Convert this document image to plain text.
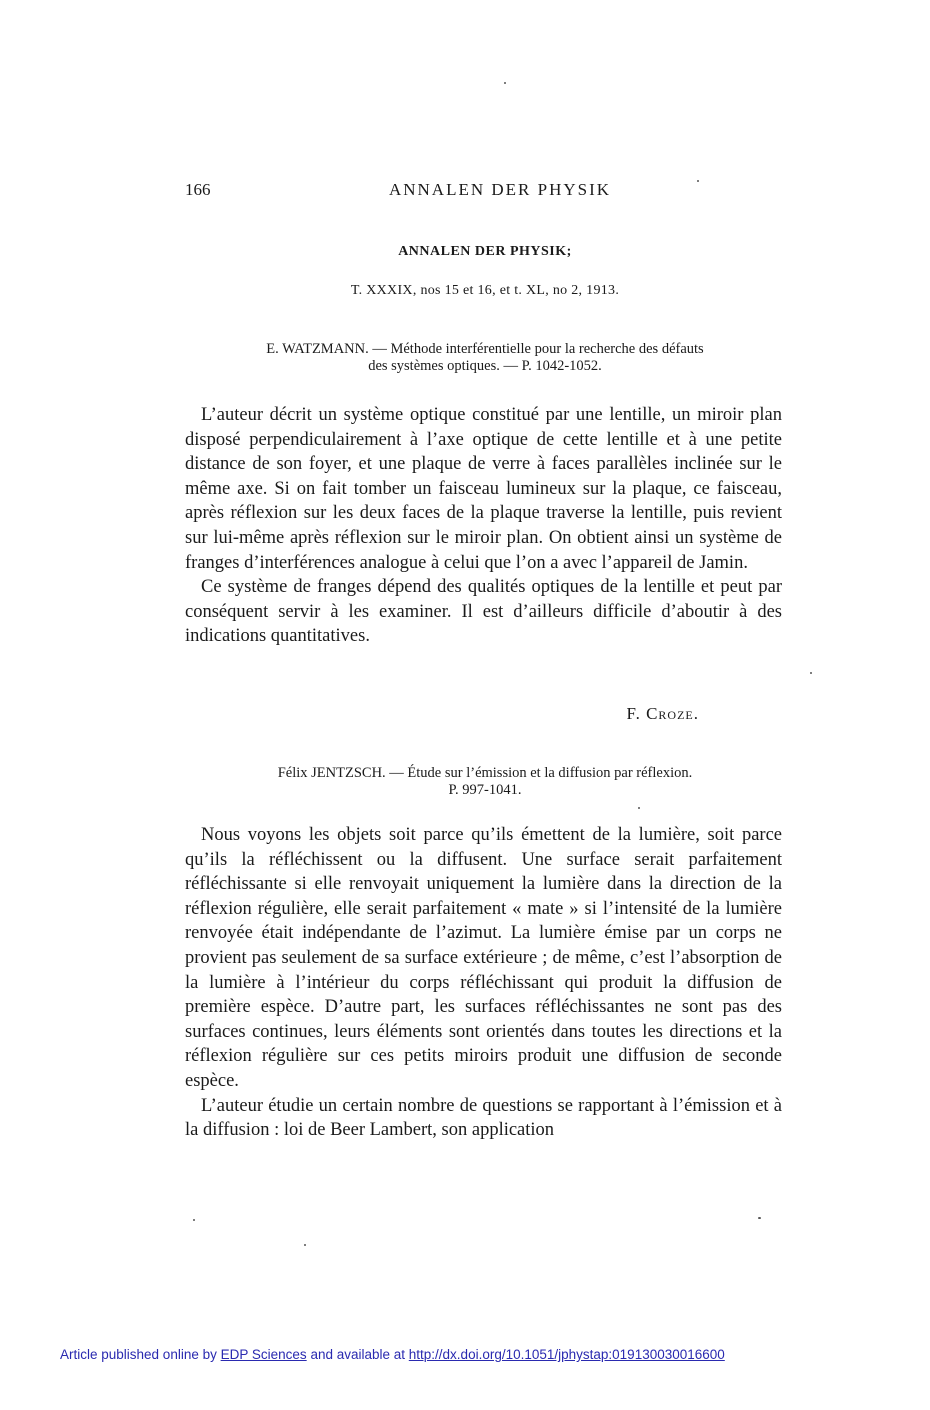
166	ANNALEN DER PHYSIK
ANNALEN DER PHYSIK;
T. XXXIX, nos 15 et 16, et t. XL, no 2, 1913.
E. WATZMANN. — Méthode interférentielle pour la recherche des défauts
des systèmes optiques. — P. 1042-1052.

L’auteur décrit un système optique constitué par une lentille, un miroir plan disposé perpendiculairement à l’axe optique de cette lentille et à une petite distance de son foyer, et une plaque de verre à faces parallèles inclinée sur le même axe. Si on fait tomber un faisceau lumineux sur la plaque, ce faisceau, après réflexion sur les deux faces de la plaque traverse la lentille, puis revient sur lui-même après réflexion sur le miroir plan. On obtient ainsi un système de franges d’interférences analogue à celui que l’on a avec l’appareil de Jamin.

Ce système de franges dépend des qualités optiques de la lentille et peut par conséquent servir à les examiner. Il est d’ailleurs difficile d’aboutir à des indications quantitatives.

F. Croze.
Félix JENTZSCH. — Étude sur l’émission et la diffusion par réflexion.
P. 997-1041.

Nous voyons les objets soit parce qu’ils émettent de la lumière, soit parce qu’ils la réfléchissent ou la diffusent. Une surface serait parfaitement réfléchissante si elle renvoyait uniquement la lumière dans la direction de la réflexion régulière, elle serait parfaitement « mate » si l’intensité de la lumière renvoyée était indépendante de l’azimut. La lumière émise par un corps ne provient pas seulement de sa surface extérieure ; de même, c’est l’absorption de la lumière à l’intérieur du corps réfléchissant qui produit la diffusion de première espèce. D’autre part, les surfaces réfléchissantes ne sont pas des surfaces continues, leurs éléments sont orientés dans toutes les directions et la réflexion régulière sur ces petits miroirs produit une diffusion de seconde espèce.

L’auteur étudie un certain nombre de questions se rapportant à l’émission et à la diffusion : loi de Beer Lambert, son application

Article published online by EDP Sciences and available at http://dx.doi.org/10.1051/jphystap:019130030016600
